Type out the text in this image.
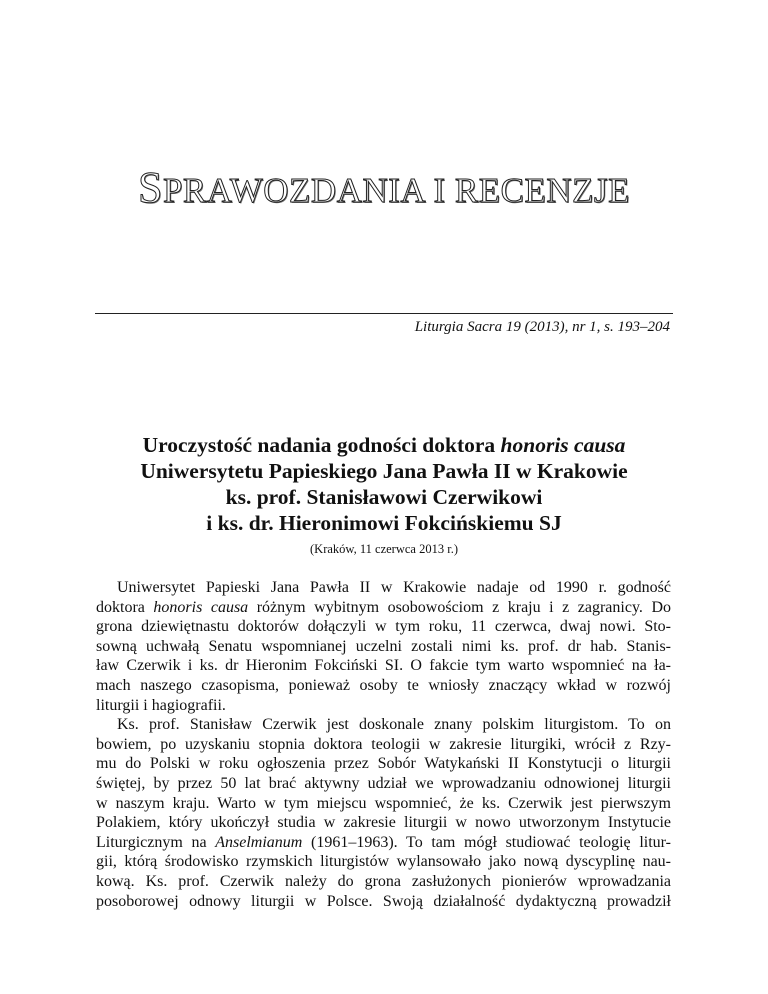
SPRAWOZDANIA I RECENZJE
Liturgia Sacra 19 (2013), nr 1, s. 193–204
Uroczystość nadania godności doktora honoris causa
Uniwersytetu Papieskiego Jana Pawła II w Krakowie
ks. prof. Stanisławowi Czerwikowi
i ks. dr. Hieronimowi Fokcińskiemu SJ
(Kraków, 11 czerwca 2013 r.)
Uniwersytet Papieski Jana Pawła II w Krakowie nadaje od 1990 r. godność
doktora honoris causa różnym wybitnym osobowościom z kraju i z zagranicy. Do
grona dziewiętnastu doktorów dołączyli w tym roku, 11 czerwca, dwaj nowi. Sto-
sowną uchwałą Senatu wspomnianej uczelni zostali nimi ks. prof. dr hab. Stanis-
ław Czerwik i ks. dr Hieronim Fokciński SI. O fakcie tym warto wspomnieć na ła-
mach naszego czasopisma, ponieważ osoby te wniosły znaczący wkład w rozwój
liturgii i hagiografii.
Ks. prof. Stanisław Czerwik jest doskonale znany polskim liturgistom. To on
bowiem, po uzyskaniu stopnia doktora teologii w zakresie liturgiki, wrócił z Rzy-
mu do Polski w roku ogłoszenia przez Sobór Watykański II Konstytucji o liturgii
świętej, by przez 50 lat brać aktywny udział we wprowadzaniu odnowionej liturgii
w naszym kraju. Warto w tym miejscu wspomnieć, że ks. Czerwik jest pierwszym
Polakiem, który ukończył studia w zakresie liturgii w nowo utworzonym Instytucie
Liturgicznym na Anselmianum (1961–1963). To tam mógł studiować teologię litur-
gii, którą środowisko rzymskich liturgistów wylansowało jako nową dyscyplinę nau-
kową. Ks. prof. Czerwik należy do grona zasłużonych pionierów wprowadzania
posoborowej odnowy liturgii w Polsce. Swoją działalność dydaktyczną prowadził
